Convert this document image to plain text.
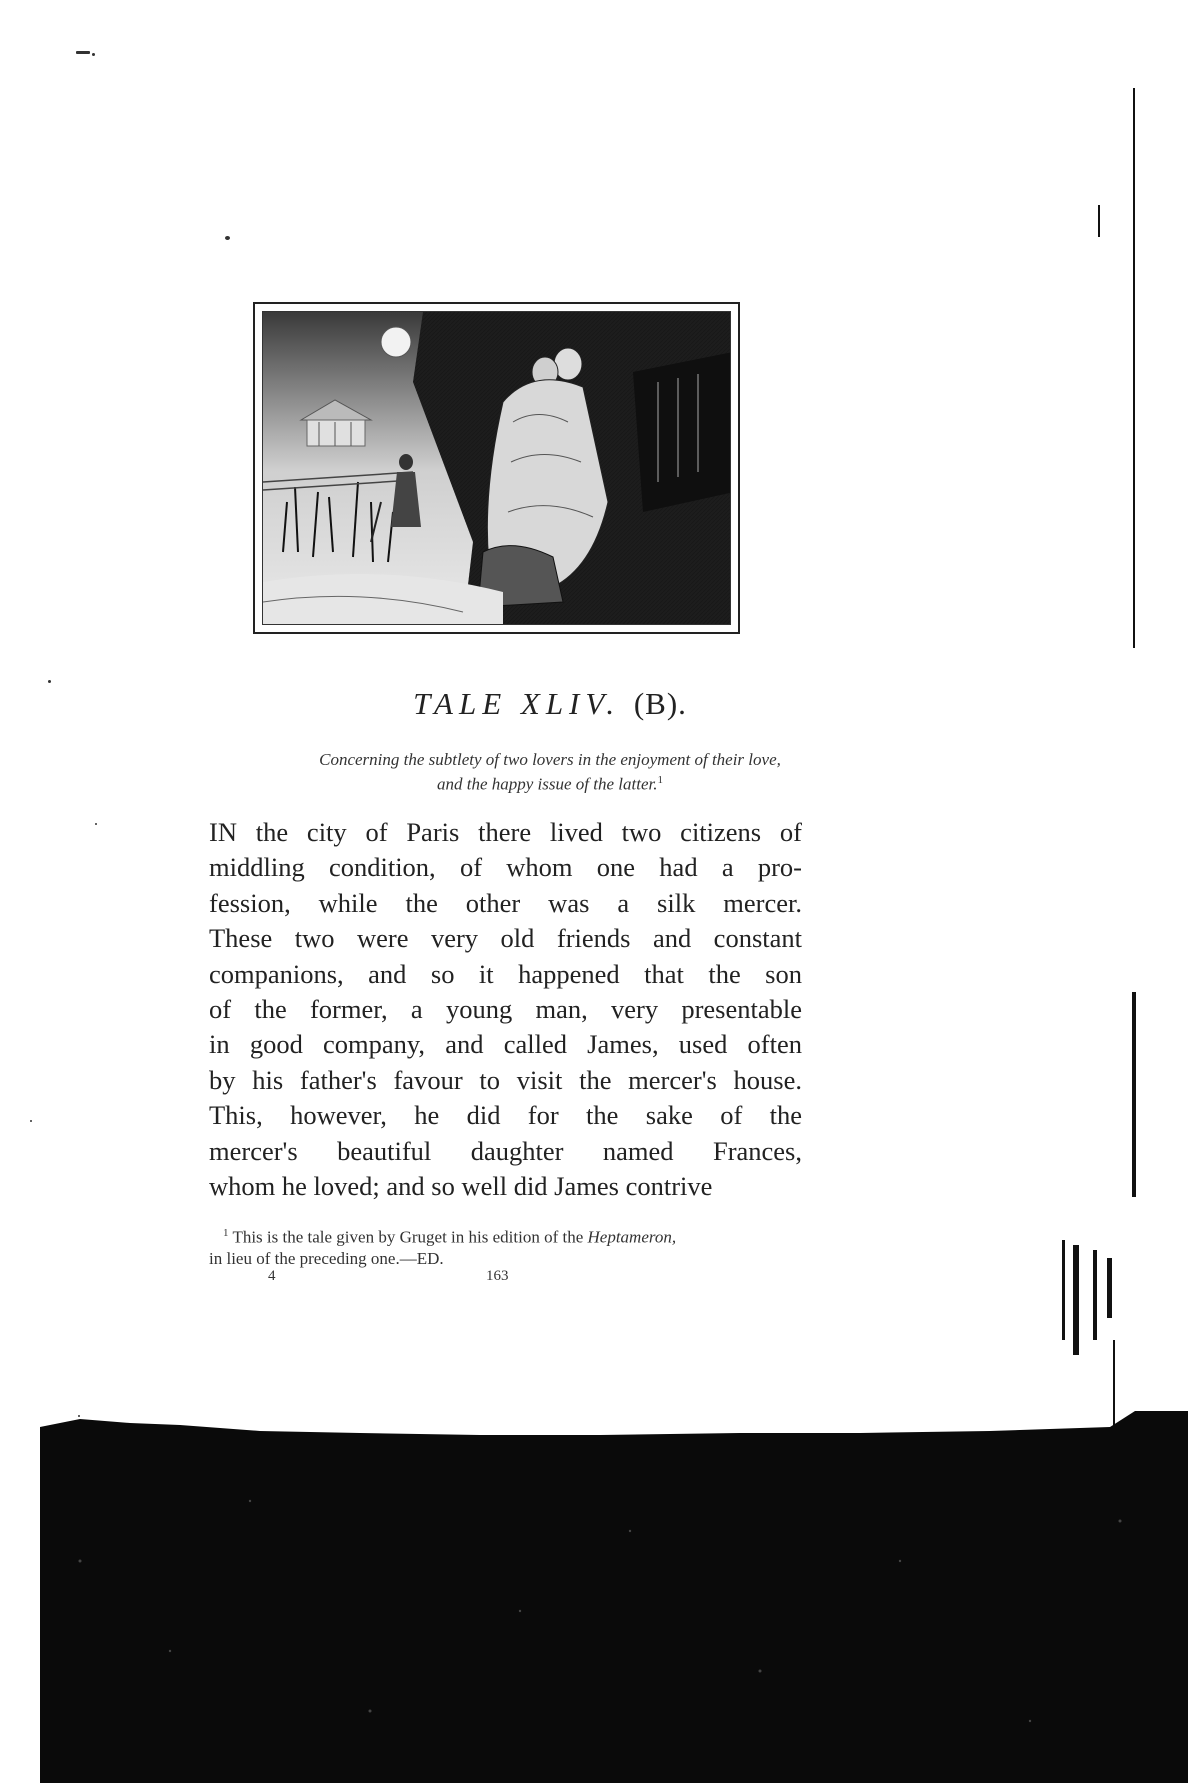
TALE XLIV. (B).
Concerning the subtlety of two lovers in the enjoyment of their love,
and the happy issue of the latter.$^1$
IN the city of Paris there lived two citizens of
middling condition, of whom one had a pro-
fession, while the other was a silk mercer.
These two were very old friends and constant
companions, and so it happened that the son
of the former, a young man, very presentable
in good company, and called James, used often
by his father's favour to visit the mercer's house.
This, however, he did for the sake of the
mercer's beautiful daughter named Frances,
whom he loved; and so well did James contrive
$^1$ This is the tale given by Gruget in his edition of the Heptameron,
in lieu of the preceding one.—ED.
4	163
